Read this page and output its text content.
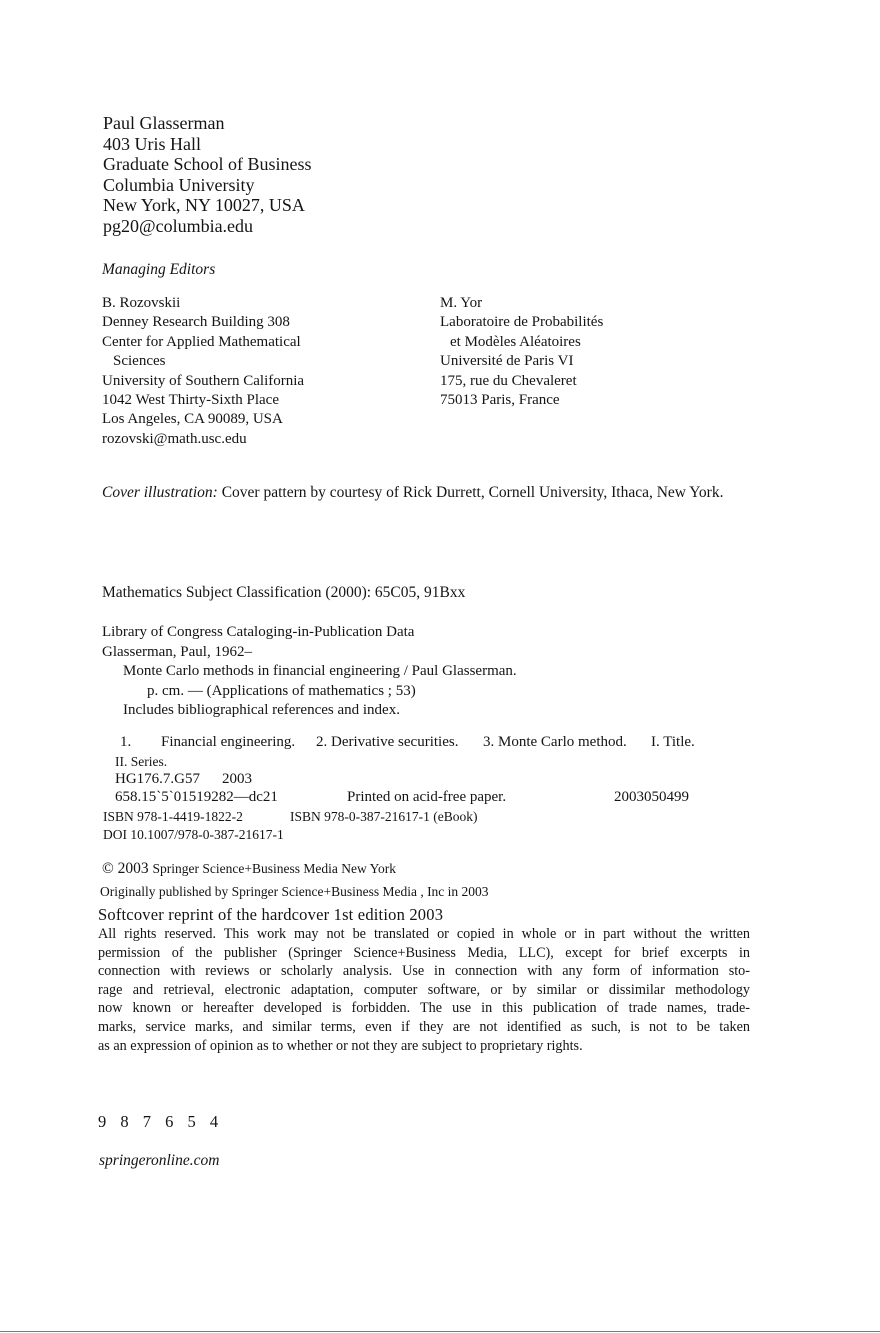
Paul Glasserman
403 Uris Hall
Graduate School of Business
Columbia University
New York, NY 10027, USA
pg20@columbia.edu
Managing Editors
B. Rozovskii
Denney Research Building 308
Center for Applied Mathematical
Sciences
University of Southern California
1042 West Thirty-Sixth Place
Los Angeles, CA 90089, USA
rozovski@math.usc.edu
M. Yor
Laboratoire de Probabilités
et Modèles Aléatoires
Université de Paris VI
175, rue du Chevaleret
75013 Paris, France
Cover illustration: Cover pattern by courtesy of Rick Durrett, Cornell University, Ithaca, New York.
Mathematics Subject Classification (2000): 65C05, 91Bxx
Library of Congress Cataloging-in-Publication Data
Glasserman, Paul, 1962–
Monte Carlo methods in financial engineering / Paul Glasserman.
p. cm. — (Applications of mathematics ; 53)
Includes bibliographical references and index.
1. Financial engineering. 2. Derivative securities. 3. Monte Carlo method. I. Title.
II. Series.
HG176.7.G57 2003
658.15`5`01519282—dc21	Printed on acid-free paper.	2003050499
ISBN 978-1-4419-1822-2	ISBN 978-0-387-21617-1 (eBook)
DOI 10.1007/978-0-387-21617-1
© 2003 Springer Science+Business Media New York
Originally published by Springer Science+Business Media , Inc in 2003
Softcover reprint of the hardcover 1st edition 2003
All rights reserved. This work may not be translated or copied in whole or in part without the written
permission of the publisher (Springer Science+Business Media, LLC), except for brief excerpts in
connection with reviews or scholarly analysis. Use in connection with any form of information sto-
rage and retrieval, electronic adaptation, computer software, or by similar or dissimilar methodology
now known or hereafter developed is forbidden. The use in this publication of trade names, trade-
marks, service marks, and similar terms, even if they are not identified as such, is not to be taken
as an expression of opinion as to whether or not they are subject to proprietary rights.
9 8 7 6 5 4
springeronline.com
